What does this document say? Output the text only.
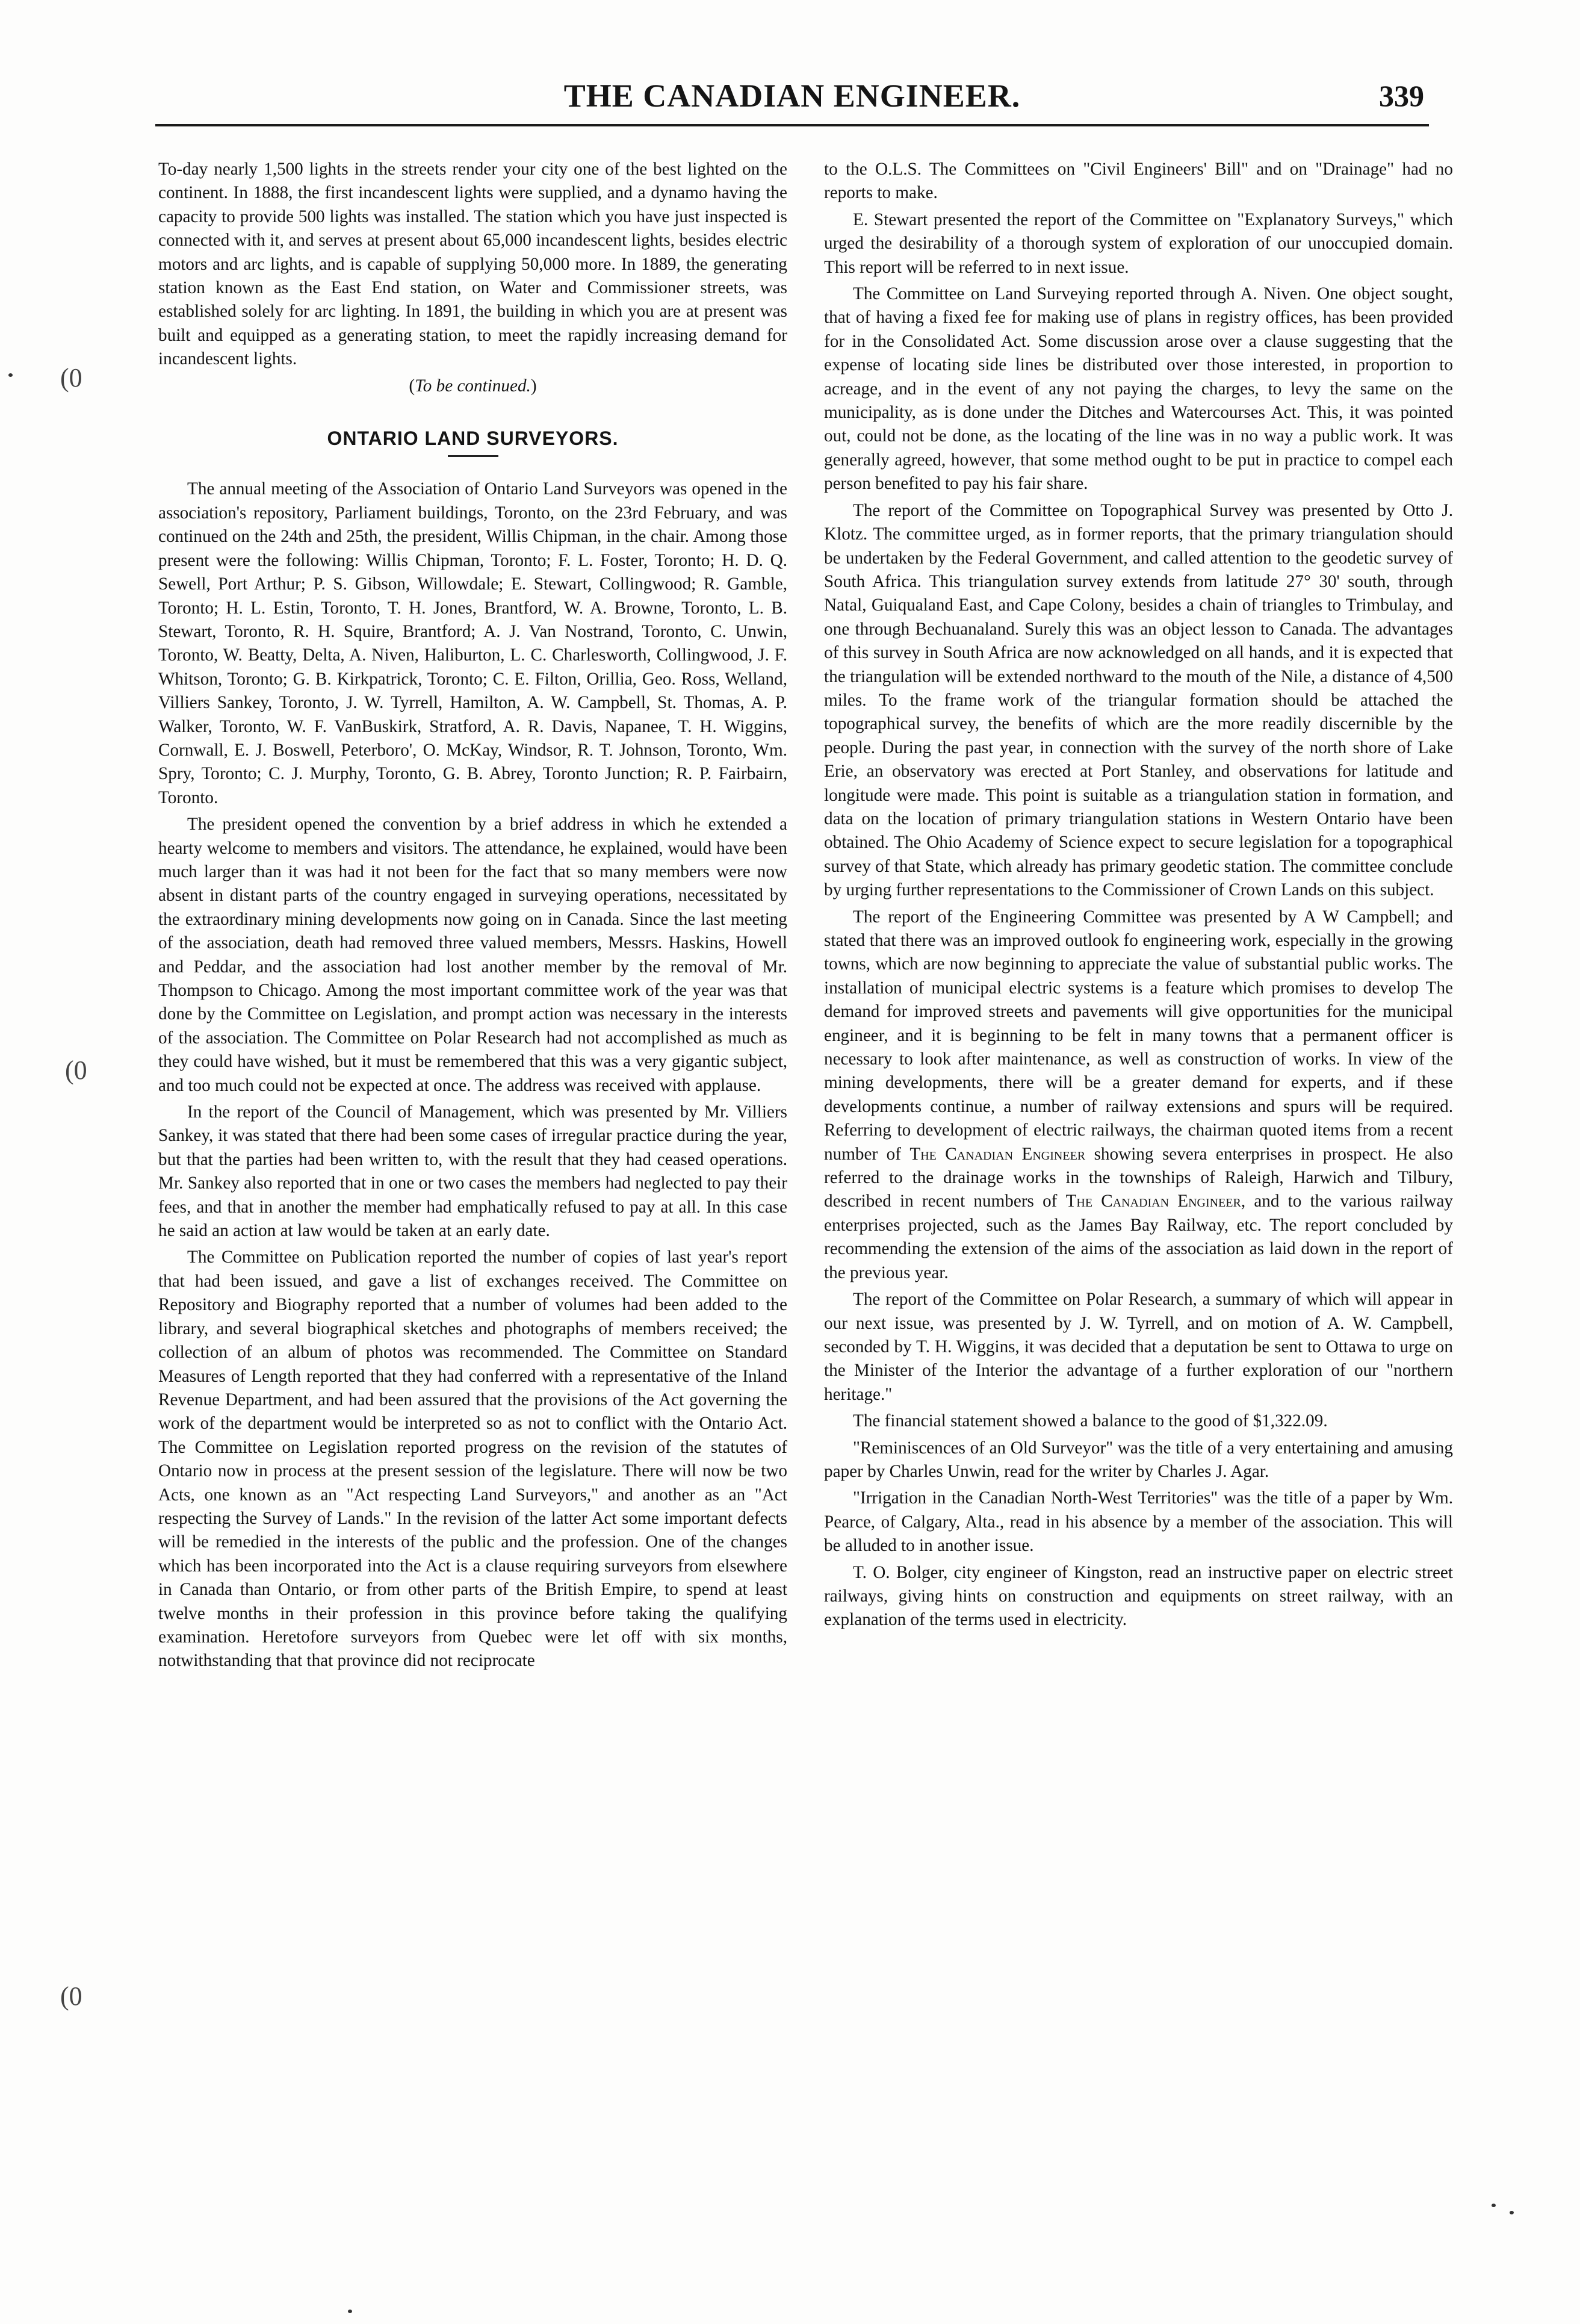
THE CANADIAN ENGINEER.	339
(0
(0
(0

To-day nearly 1,500 lights in the streets render your city one of the best lighted on the continent. In 1888, the first incandescent lights were supplied, and a dynamo having the capacity to provide 500 lights was installed. The station which you have just inspected is connected with it, and serves at present about 65,000 incandescent lights, besides electric motors and arc lights, and is capable of supplying 50,000 more. In 1889, the generating station known as the East End station, on Water and Commissioner streets, was established solely for arc lighting. In 1891, the building in which you are at present was built and equipped as a generating station, to meet the rapidly increasing demand for incandescent lights.

(To be continued.)
ONTARIO LAND SURVEYORS.

The annual meeting of the Association of Ontario Land Surveyors was opened in the association's repository, Parliament buildings, Toronto, on the 23rd February, and was continued on the 24th and 25th, the president, Willis Chipman, in the chair. Among those present were the following: Willis Chipman, Toronto; F. L. Foster, Toronto; H. D. Q. Sewell, Port Arthur; P. S. Gibson, Willowdale; E. Stewart, Collingwood; R. Gamble, Toronto; H. L. Estin, Toronto, T. H. Jones, Brantford, W. A. Browne, Toronto, L. B. Stewart, Toronto, R. H. Squire, Brantford; A. J. Van Nostrand, Toronto, C. Unwin, Toronto, W. Beatty, Delta, A. Niven, Haliburton, L. C. Charlesworth, Collingwood, J. F. Whitson, Toronto; G. B. Kirkpatrick, Toronto; C. E. Filton, Orillia, Geo. Ross, Welland, Villiers Sankey, Toronto, J. W. Tyrrell, Hamilton, A. W. Campbell, St. Thomas, A. P. Walker, Toronto, W. F. VanBuskirk, Stratford, A. R. Davis, Napanee, T. H. Wiggins, Cornwall, E. J. Boswell, Peterboro', O. McKay, Windsor, R. T. Johnson, Toronto, Wm. Spry, Toronto; C. J. Murphy, Toronto, G. B. Abrey, Toronto Junction; R. P. Fairbairn, Toronto.

The president opened the convention by a brief address in which he extended a hearty welcome to members and visitors. The attendance, he explained, would have been much larger than it was had it not been for the fact that so many members were now absent in distant parts of the country engaged in surveying operations, necessitated by the extraordinary mining developments now going on in Canada. Since the last meeting of the association, death had removed three valued members, Messrs. Haskins, Howell and Peddar, and the association had lost another member by the removal of Mr. Thompson to Chicago. Among the most important committee work of the year was that done by the Committee on Legislation, and prompt action was necessary in the interests of the association. The Committee on Polar Research had not accomplished as much as they could have wished, but it must be remembered that this was a very gigantic subject, and too much could not be expected at once. The address was received with applause.

In the report of the Council of Management, which was presented by Mr. Villiers Sankey, it was stated that there had been some cases of irregular practice during the year, but that the parties had been written to, with the result that they had ceased operations. Mr. Sankey also reported that in one or two cases the members had neglected to pay their fees, and that in another the member had emphatically refused to pay at all. In this case he said an action at law would be taken at an early date.

The Committee on Publication reported the number of copies of last year's report that had been issued, and gave a list of exchanges received. The Committee on Repository and Biography reported that a number of volumes had been added to the library, and several biographical sketches and photographs of members received; the collection of an album of photos was recommended. The Committee on Standard Measures of Length reported that they had conferred with a representative of the Inland Revenue Department, and had been assured that the provisions of the Act governing the work of the department would be interpreted so as not to conflict with the Ontario Act. The Committee on Legislation reported progress on the revision of the statutes of Ontario now in process at the present session of the legislature. There will now be two Acts, one known as an "Act respecting Land Surveyors," and another as an "Act respecting the Survey of Lands." In the revision of the latter Act some important defects will be remedied in the interests of the public and the profession. One of the changes which has been incorporated into the Act is a clause requiring surveyors from elsewhere in Canada than Ontario, or from other parts of the British Empire, to spend at least twelve months in their profession in this province before taking the qualifying examination. Heretofore surveyors from Quebec were let off with six months, notwithstanding that that province did not reciprocate

to the O.L.S. The Committees on "Civil Engineers' Bill" and on "Drainage" had no reports to make.

E. Stewart presented the report of the Committee on "Explanatory Surveys," which urged the desirability of a thorough system of exploration of our unoccupied domain. This report will be referred to in next issue.

The Committee on Land Surveying reported through A. Niven. One object sought, that of having a fixed fee for making use of plans in registry offices, has been provided for in the Consolidated Act. Some discussion arose over a clause suggesting that the expense of locating side lines be distributed over those interested, in proportion to acreage, and in the event of any not paying the charges, to levy the same on the municipality, as is done under the Ditches and Watercourses Act. This, it was pointed out, could not be done, as the locating of the line was in no way a public work. It was generally agreed, however, that some method ought to be put in practice to compel each person benefited to pay his fair share.

The report of the Committee on Topographical Survey was presented by Otto J. Klotz. The committee urged, as in former reports, that the primary triangulation should be undertaken by the Federal Government, and called attention to the geodetic survey of South Africa. This triangulation survey extends from latitude 27° 30' south, through Natal, Guiqualand East, and Cape Colony, besides a chain of triangles to Trimbulay, and one through Bechuanaland. Surely this was an object lesson to Canada. The advantages of this survey in South Africa are now acknowledged on all hands, and it is expected that the triangulation will be extended northward to the mouth of the Nile, a distance of 4,500 miles. To the frame work of the triangular formation should be attached the topographical survey, the benefits of which are the more readily discernible by the people. During the past year, in connection with the survey of the north shore of Lake Erie, an observatory was erected at Port Stanley, and observations for latitude and longitude were made. This point is suitable as a triangulation station in formation, and data on the location of primary triangulation stations in Western Ontario have been obtained. The Ohio Academy of Science expect to secure legislation for a topographical survey of that State, which already has primary geodetic station. The committee conclude by urging further representations to the Commissioner of Crown Lands on this subject.

The report of the Engineering Committee was presented by A W Campbell; and stated that there was an improved outlook fo engineering work, especially in the growing towns, which are now beginning to appreciate the value of substantial public works. The installation of municipal electric systems is a feature which promises to develop The demand for improved streets and pavements will give opportunities for the municipal engineer, and it is beginning to be felt in many towns that a permanent officer is necessary to look after maintenance, as well as construction of works. In view of the mining developments, there will be a greater demand for experts, and if these developments continue, a number of railway extensions and spurs will be required. Referring to development of electric railways, the chairman quoted items from a recent number of The Canadian Engineer showing severa enterprises in prospect. He also referred to the drainage works in the townships of Raleigh, Harwich and Tilbury, described in recent numbers of The Canadian Engineer, and to the various railway enterprises projected, such as the James Bay Railway, etc. The report concluded by recommending the extension of the aims of the association as laid down in the report of the previous year.

The report of the Committee on Polar Research, a summary of which will appear in our next issue, was presented by J. W. Tyrrell, and on motion of A. W. Campbell, seconded by T. H. Wiggins, it was decided that a deputation be sent to Ottawa to urge on the Minister of the Interior the advantage of a further exploration of our "northern heritage."

The financial statement showed a balance to the good of $1,322.09.

"Reminiscences of an Old Surveyor" was the title of a very entertaining and amusing paper by Charles Unwin, read for the writer by Charles J. Agar.

"Irrigation in the Canadian North-West Territories" was the title of a paper by Wm. Pearce, of Calgary, Alta., read in his absence by a member of the association. This will be alluded to in another issue.

T. O. Bolger, city engineer of Kingston, read an instructive paper on electric street railways, giving hints on construction and equipments on street railway, with an explanation of the terms used in electricity.
